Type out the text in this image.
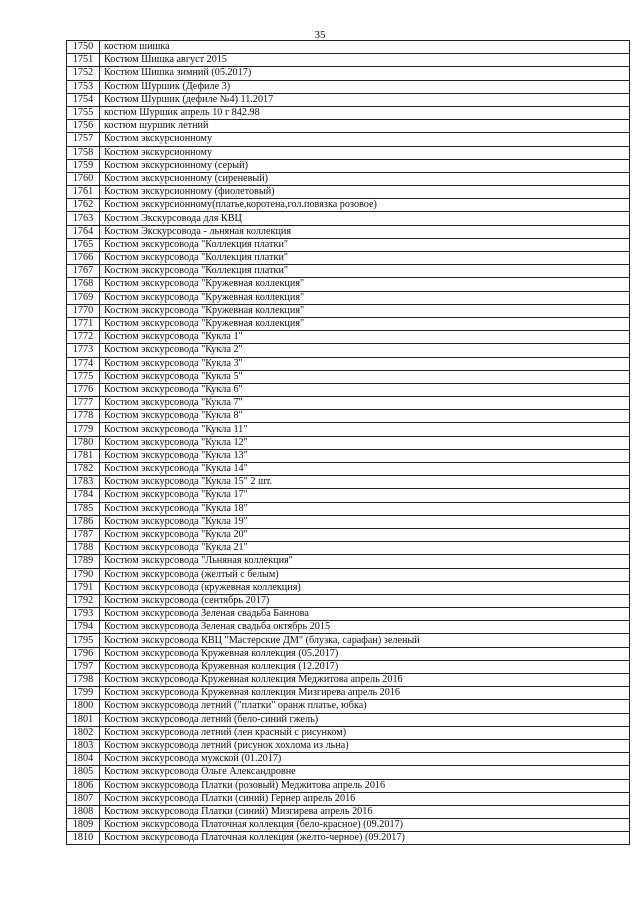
35
1750	костюм шишка
1751	Костюм Шишка август 2015
1752	Костюм Шишка зимний (05.2017)
1753	Костюм Шуршик (Дефиле 3)
1754	Костюм Шуршик (дефиле №4) 11.2017
1755	костюм Шуршик апрель 10 г 842.98
1756	костюм шуршик летний
1757	Костюм экскурсионному
1758	Костюм экскурсионному
1759	Костюм экскурсионному (серый)
1760	Костюм экскурсионному (сиреневый)
1761	Костюм экскурсионному (фиолетовый)
1762	Костюм экскурсионному(платье,коротена,гол.повязка розовое)
1763	Костюм Экскурсовода для КВЦ
1764	Костюм Экскурсовода - льняная коллекция
1765	Костюм экскурсовода "Коллекция платки"
1766	Костюм экскурсовода "Коллекция платки"
1767	Костюм экскурсовода "Коллекция платки"
1768	Костюм экскурсовода "Кружевная коллекция"
1769	Костюм экскурсовода "Кружевная коллекция"
1770	Костюм экскурсовода "Кружевная коллекция"
1771	Костюм экскурсовода "Кружевная коллекция"
1772	Костюм экскурсовода "Кукла 1"
1773	Костюм экскурсовода "Кукла 2"
1774	Костюм экскурсовода "Кукла 3"
1775	Костюм экскурсовода "Кукла 5"
1776	Костюм экскурсовода "Кукла 6"
1777	Костюм экскурсовода "Кукла 7"
1778	Костюм экскурсовода "Кукла 8"
1779	Костюм экскурсовода "Кукла 11"
1780	Костюм экскурсовода "Кукла 12"
1781	Костюм экскурсовода "Кукла 13"
1782	Костюм экскурсовода "Кукла 14"
1783	Костюм экскурсовода "Кукла 15" 2 шт.
1784	Костюм экскурсовода "Кукла 17"
1785	Костюм экскурсовода "Кукла 18"
1786	Костюм экскурсовода "Кукла 19"
1787	Костюм экскурсовода "Кукла 20"
1788	Костюм экскурсовода "Кукла 21"
1789	Костюм экскурсовода "Льняная коллекция"
1790	Костюм экскурсовода (желтый с белым)
1791	Костюм экскурсовода (кружевная коллекция)
1792	Костюм экскурсовода (сентябрь 2017)
1793	Костюм экскурсовода Зеленая свадьба Баннова
1794	Костюм экскурсовода Зеленая свадьба октябрь 2015
1795	Костюм экскурсовода КВЦ "Мастерские ДМ" (блузка, сарафан) зеленый
1796	Костюм экскурсовода Кружевная коллекция (05.2017)
1797	Костюм экскурсовода Кружевная коллекция (12.2017)
1798	Костюм экскурсовода Кружевная коллекция Меджитова апрель 2016
1799	Костюм экскурсовода Кружевная коллекция Мизгирева апрель 2016
1800	Костюм экскурсовода летний ("платки" оранж платье, юбка)
1801	Костюм экскурсовода летний (бело-синий гжель)
1802	Костюм экскурсовода летний (лен красный с рисунком)
1803	Костюм экскурсовода летний (рисунок хохлома из льна)
1804	Костюм экскурсовода мужской (01.2017)
1805	Костюм экскурсовода Ольге Александровне
1806	Костюм экскурсовода Платки (розовый) Меджитова апрель 2016
1807	Костюм экскурсовода Платки (синий) Гернер апрель 2016
1808	Костюм экскурсовода Платки (синий) Мизгирева апрель 2016
1809	Костюм экскурсовода Платочная коллекция (бело-красное) (09.2017)
1810	Костюм экскурсовода Платочная коллекция (желто-черное) (09.2017)
